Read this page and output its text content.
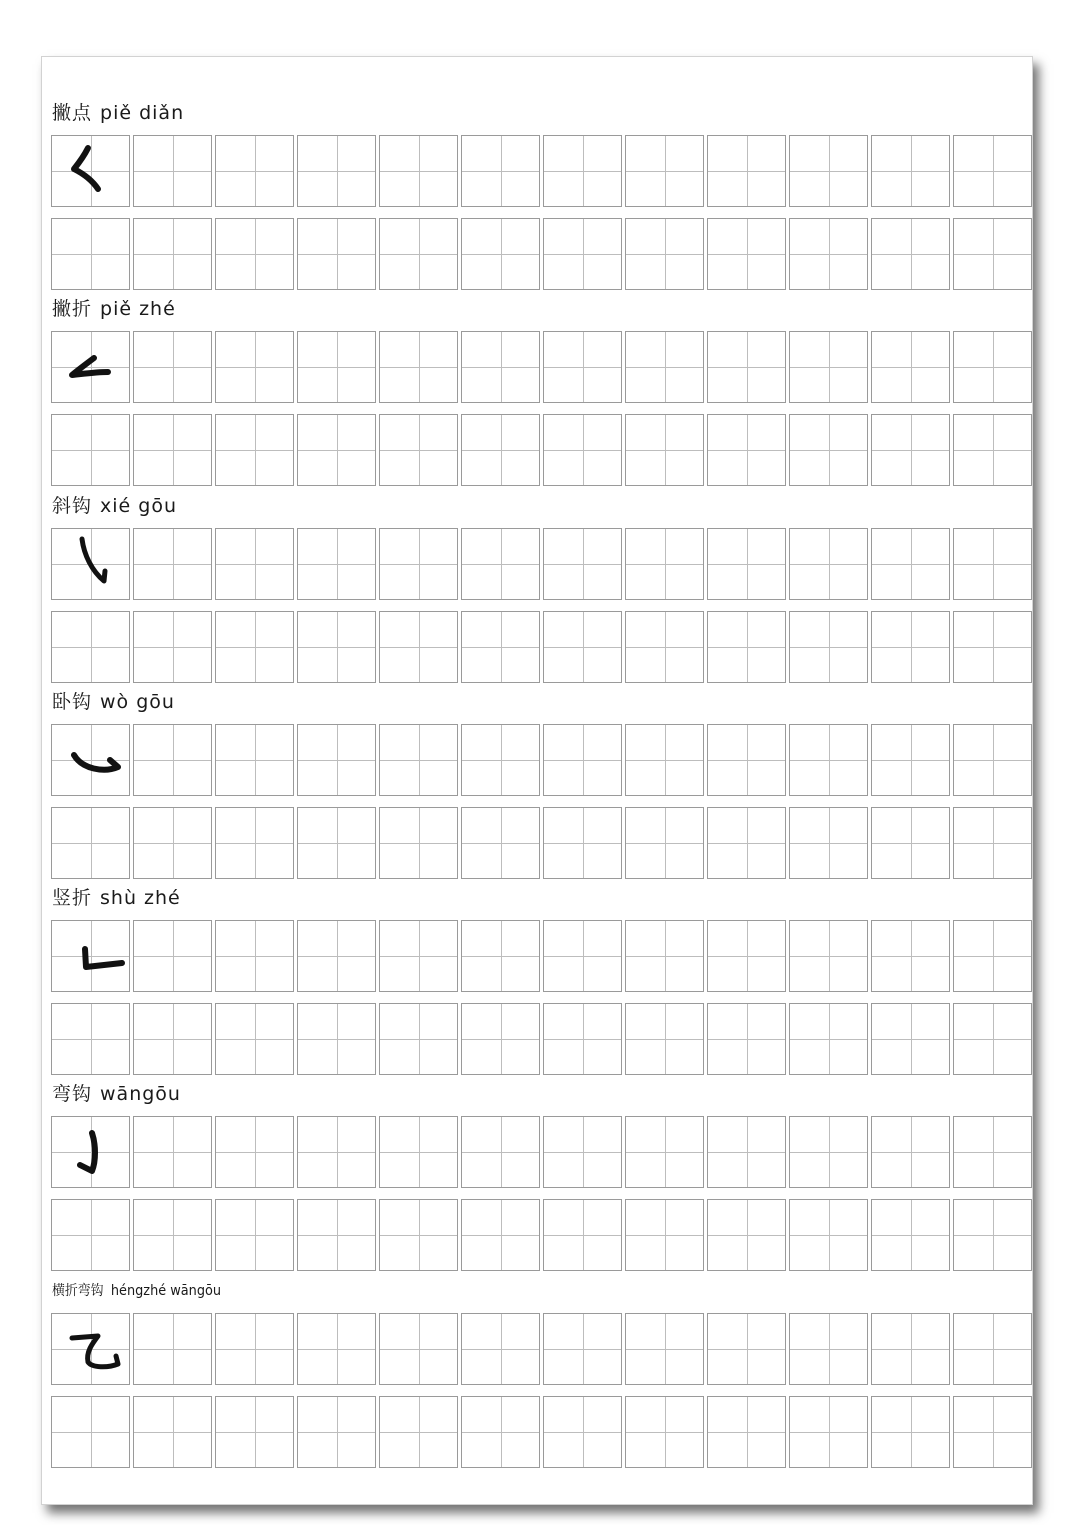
撇点 piě diǎn
撇折 piě zhé
斜钩 xié gōu
卧钩 wò gōu
竖折 shù zhé
弯钩 wāngōu
横折弯钩 héngzhé wāngōu
